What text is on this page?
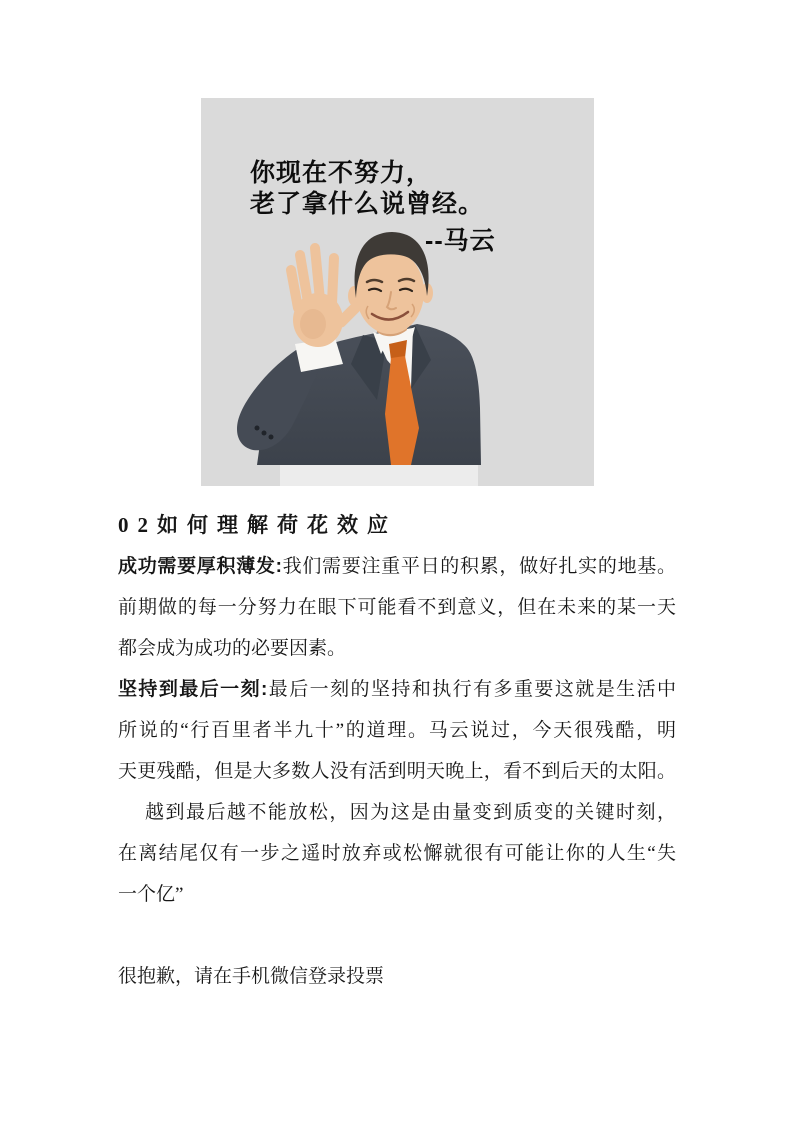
你现在不努力，
老了拿什么说曾经。
--马云
02如何理解荷花效应

成功需要厚积薄发:我们需要注重平日的积累，做好扎实的地基。

前期做的每一分努力在眼下可能看不到意义，但在未来的某一天

都会成为成功的必要因素。

坚持到最后一刻:最后一刻的坚持和执行有多重要这就是生活中

所说的“行百里者半九十”的道理。马云说过，今天很残酷，明

天更残酷，但是大多数人没有活到明天晚上，看不到后天的太阳。

越到最后越不能放松，因为这是由量变到质变的关键时刻，

在离结尾仅有一步之遥时放弃或松懈就很有可能让你的人生“失

一个亿”

很抱歉，请在手机微信登录投票
